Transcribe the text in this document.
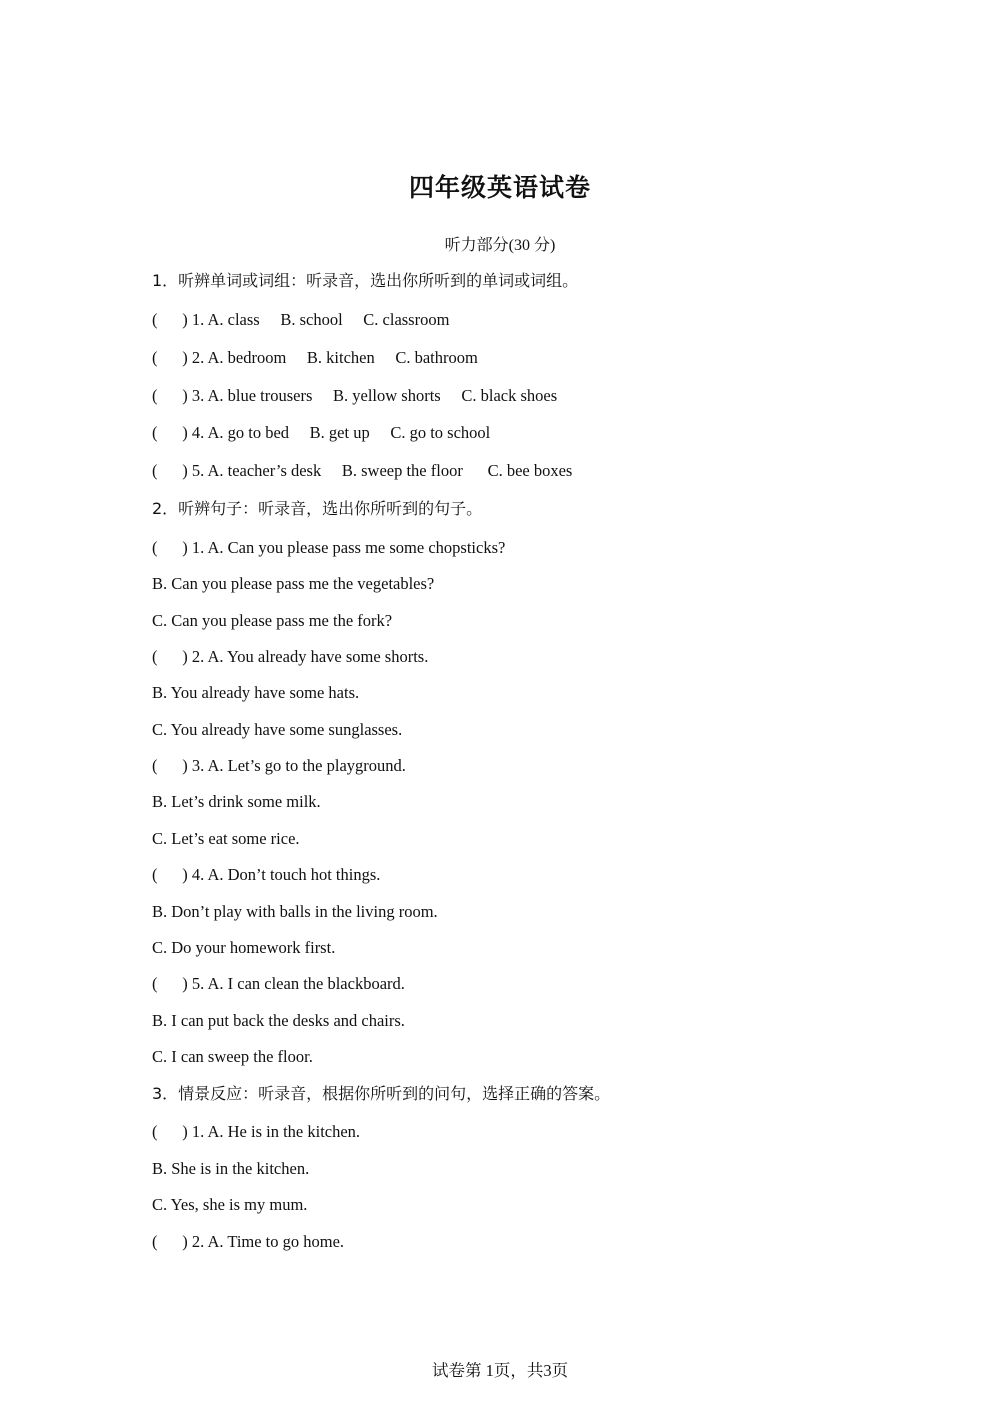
四年级英语试卷
听力部分(30 分)
1．听辨单词或词组：听录音，选出你所听到的单词或词组。
(      ) 1. A. class     B. school     C. classroom
(      ) 2. A. bedroom     B. kitchen     C. bathroom
(      ) 3. A. blue trousers     B. yellow shorts     C. black shoes
(      ) 4. A. go to bed     B. get up     C. go to school
(      ) 5. A. teacher’s desk     B. sweep the floor      C. bee boxes
2．听辨句子：听录音，选出你所听到的句子。
(      ) 1. A. Can you please pass me some chopsticks?
B. Can you please pass me the vegetables?
C. Can you please pass me the fork?
(      ) 2. A. You already have some shorts.
B. You already have some hats.
C. You already have some sunglasses.
(      ) 3. A. Let’s go to the playground.
B. Let’s drink some milk.
C. Let’s eat some rice.
(      ) 4. A. Don’t touch hot things.
B. Don’t play with balls in the living room.
C. Do your homework first.
(      ) 5. A. I can clean the blackboard.
B. I can put back the desks and chairs.
C. I can sweep the floor.
3．情景反应：听录音，根据你所听到的问句，选择正确的答案。
(      ) 1. A. He is in the kitchen.
B. She is in the kitchen.
C. Yes, she is my mum.
(      ) 2. A. Time to go home.
试卷第 1页，共3页
